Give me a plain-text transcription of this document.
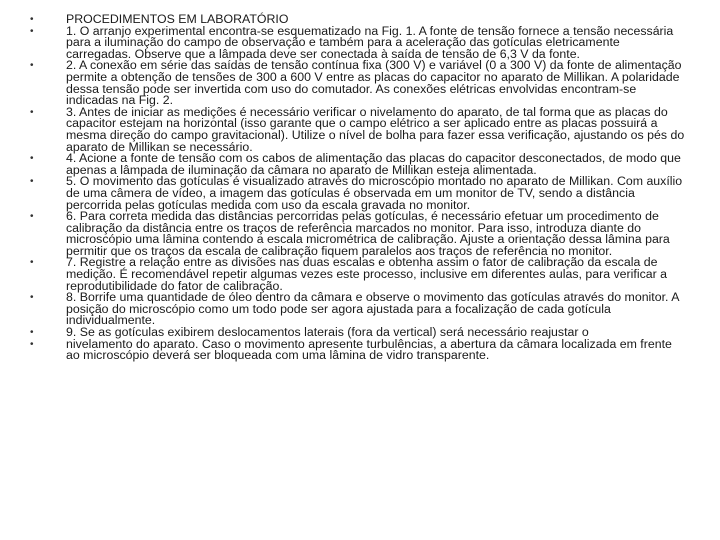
• PROCEDIMENTOS EM LABORATÓRIO
• 1. O arranjo experimental encontra-se esquematizado na Fig. 1. A fonte de tensão fornece a tensão necessária para a iluminação do campo de observação e também para a aceleração das gotículas eletricamente carregadas. Observe que a lâmpada deve ser conectada à saída de tensão de 6,3 V da fonte.
• 2. A conexão em série das saídas de tensão contínua fixa (300 V) e variável (0 a 300 V) da fonte de alimentação permite a obtenção de tensões de 300 a 600 V entre as placas do capacitor no aparato de Millikan. A polaridade dessa tensão pode ser invertida com uso do comutador. As conexões elétricas envolvidas encontram-se indicadas na Fig. 2.
• 3. Antes de iniciar as medições é necessário verificar o nivelamento do aparato, de tal forma que as placas do capacitor estejam na horizontal (isso garante que o campo elétrico a ser aplicado entre as placas possuirá a mesma direção do campo gravitacional). Utilize o nível de bolha para fazer essa verificação, ajustando os pés do aparato de Millikan se necessário.
• 4. Acione a fonte de tensão com os cabos de alimentação das placas do capacitor desconectados, de modo que apenas a lâmpada de iluminação da câmara no aparato de Millikan esteja alimentada.
• 5. O movimento das gotículas é visualizado através do microscópio montado no aparato de Millikan. Com auxílio de uma câmera de vídeo, a imagem das gotículas é observada em um monitor de TV, sendo a distância percorrida pelas gotículas medida com uso da escala gravada no monitor.
• 6. Para correta medida das distâncias percorridas pelas gotículas, é necessário efetuar um procedimento de calibração da distância entre os traços de referência marcados no monitor. Para isso, introduza diante do microscópio uma lâmina contendo a escala micrométrica de calibração. Ajuste a orientação dessa lâmina para permitir que os traços da escala de calibração fiquem paralelos aos traços de referência no monitor.
• 7. Registre a relação entre as divisões nas duas escalas e obtenha assim o fator de calibração da escala de medição. É recomendável repetir algumas vezes este processo, inclusive em diferentes aulas, para verificar a reprodutibilidade do fator de calibração.
• 8. Borrife uma quantidade de óleo dentro da câmara e observe o movimento das gotículas através do monitor. A posição do microscópio como um todo pode ser agora ajustada para a focalização de cada gotícula individualmente.
• 9. Se as gotículas exibirem deslocamentos laterais (fora da vertical) será necessário reajustar o
• nivelamento do aparato. Caso o movimento apresente turbulências, a abertura da câmara localizada em frente ao microscópio deverá ser bloqueada com uma lâmina de vidro transparente.
